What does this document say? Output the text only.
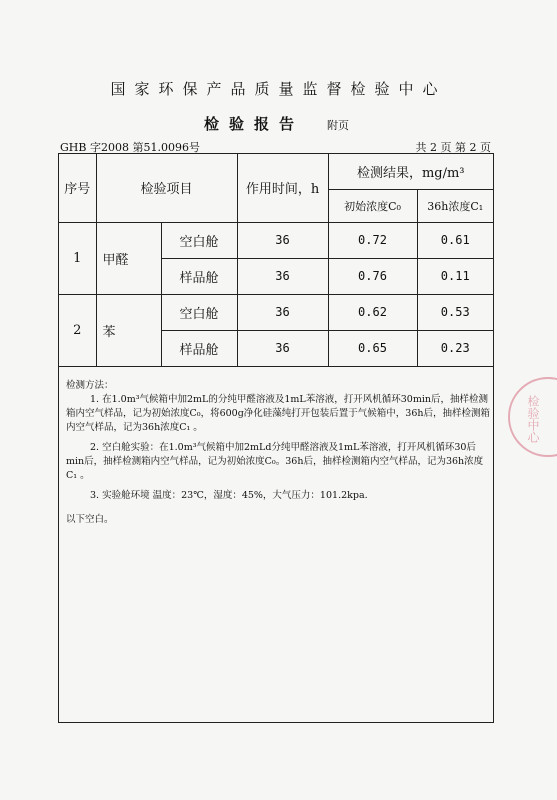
国家环保产品质量监督检验中心
检验报告 附页
GHB 字2008 第51.0096号	共 2 页 第 2 页
序号	检验项目		作用时间，h	检测结果，mg/m³	
				初始浓度C₀	36h浓度C₁
1	甲醛	空白舱	36	0.72	0.61
		样品舱	36	0.76	0.11
2	苯	空白舱	36	0.62	0.53
		样品舱	36	0.65	0.23

检测方法：

1. 在1.0m³气候箱中加2mL的分纯甲醛溶液及1mL苯溶液，打开风机循环30min后，抽样检测箱内空气样品，记为初始浓度C₀，将600g净化硅藻纯打开包装后置于气候箱中，36h后，抽样检测箱内空气样品，记为36h浓度C₁ 。

2. 空白舱实验：在1.0m³气候箱中加2mLd分纯甲醛溶液及1mL苯溶液，打开风机循环30后min后，抽样检测箱内空气样品，记为初始浓度C₀。36h后，抽样检测箱内空气样品，记为36h浓度C₁ 。

3. 实验舱环境 温度：23℃，湿度：45%，大气压力：101.2kpa.

以下空白。

检验中心
